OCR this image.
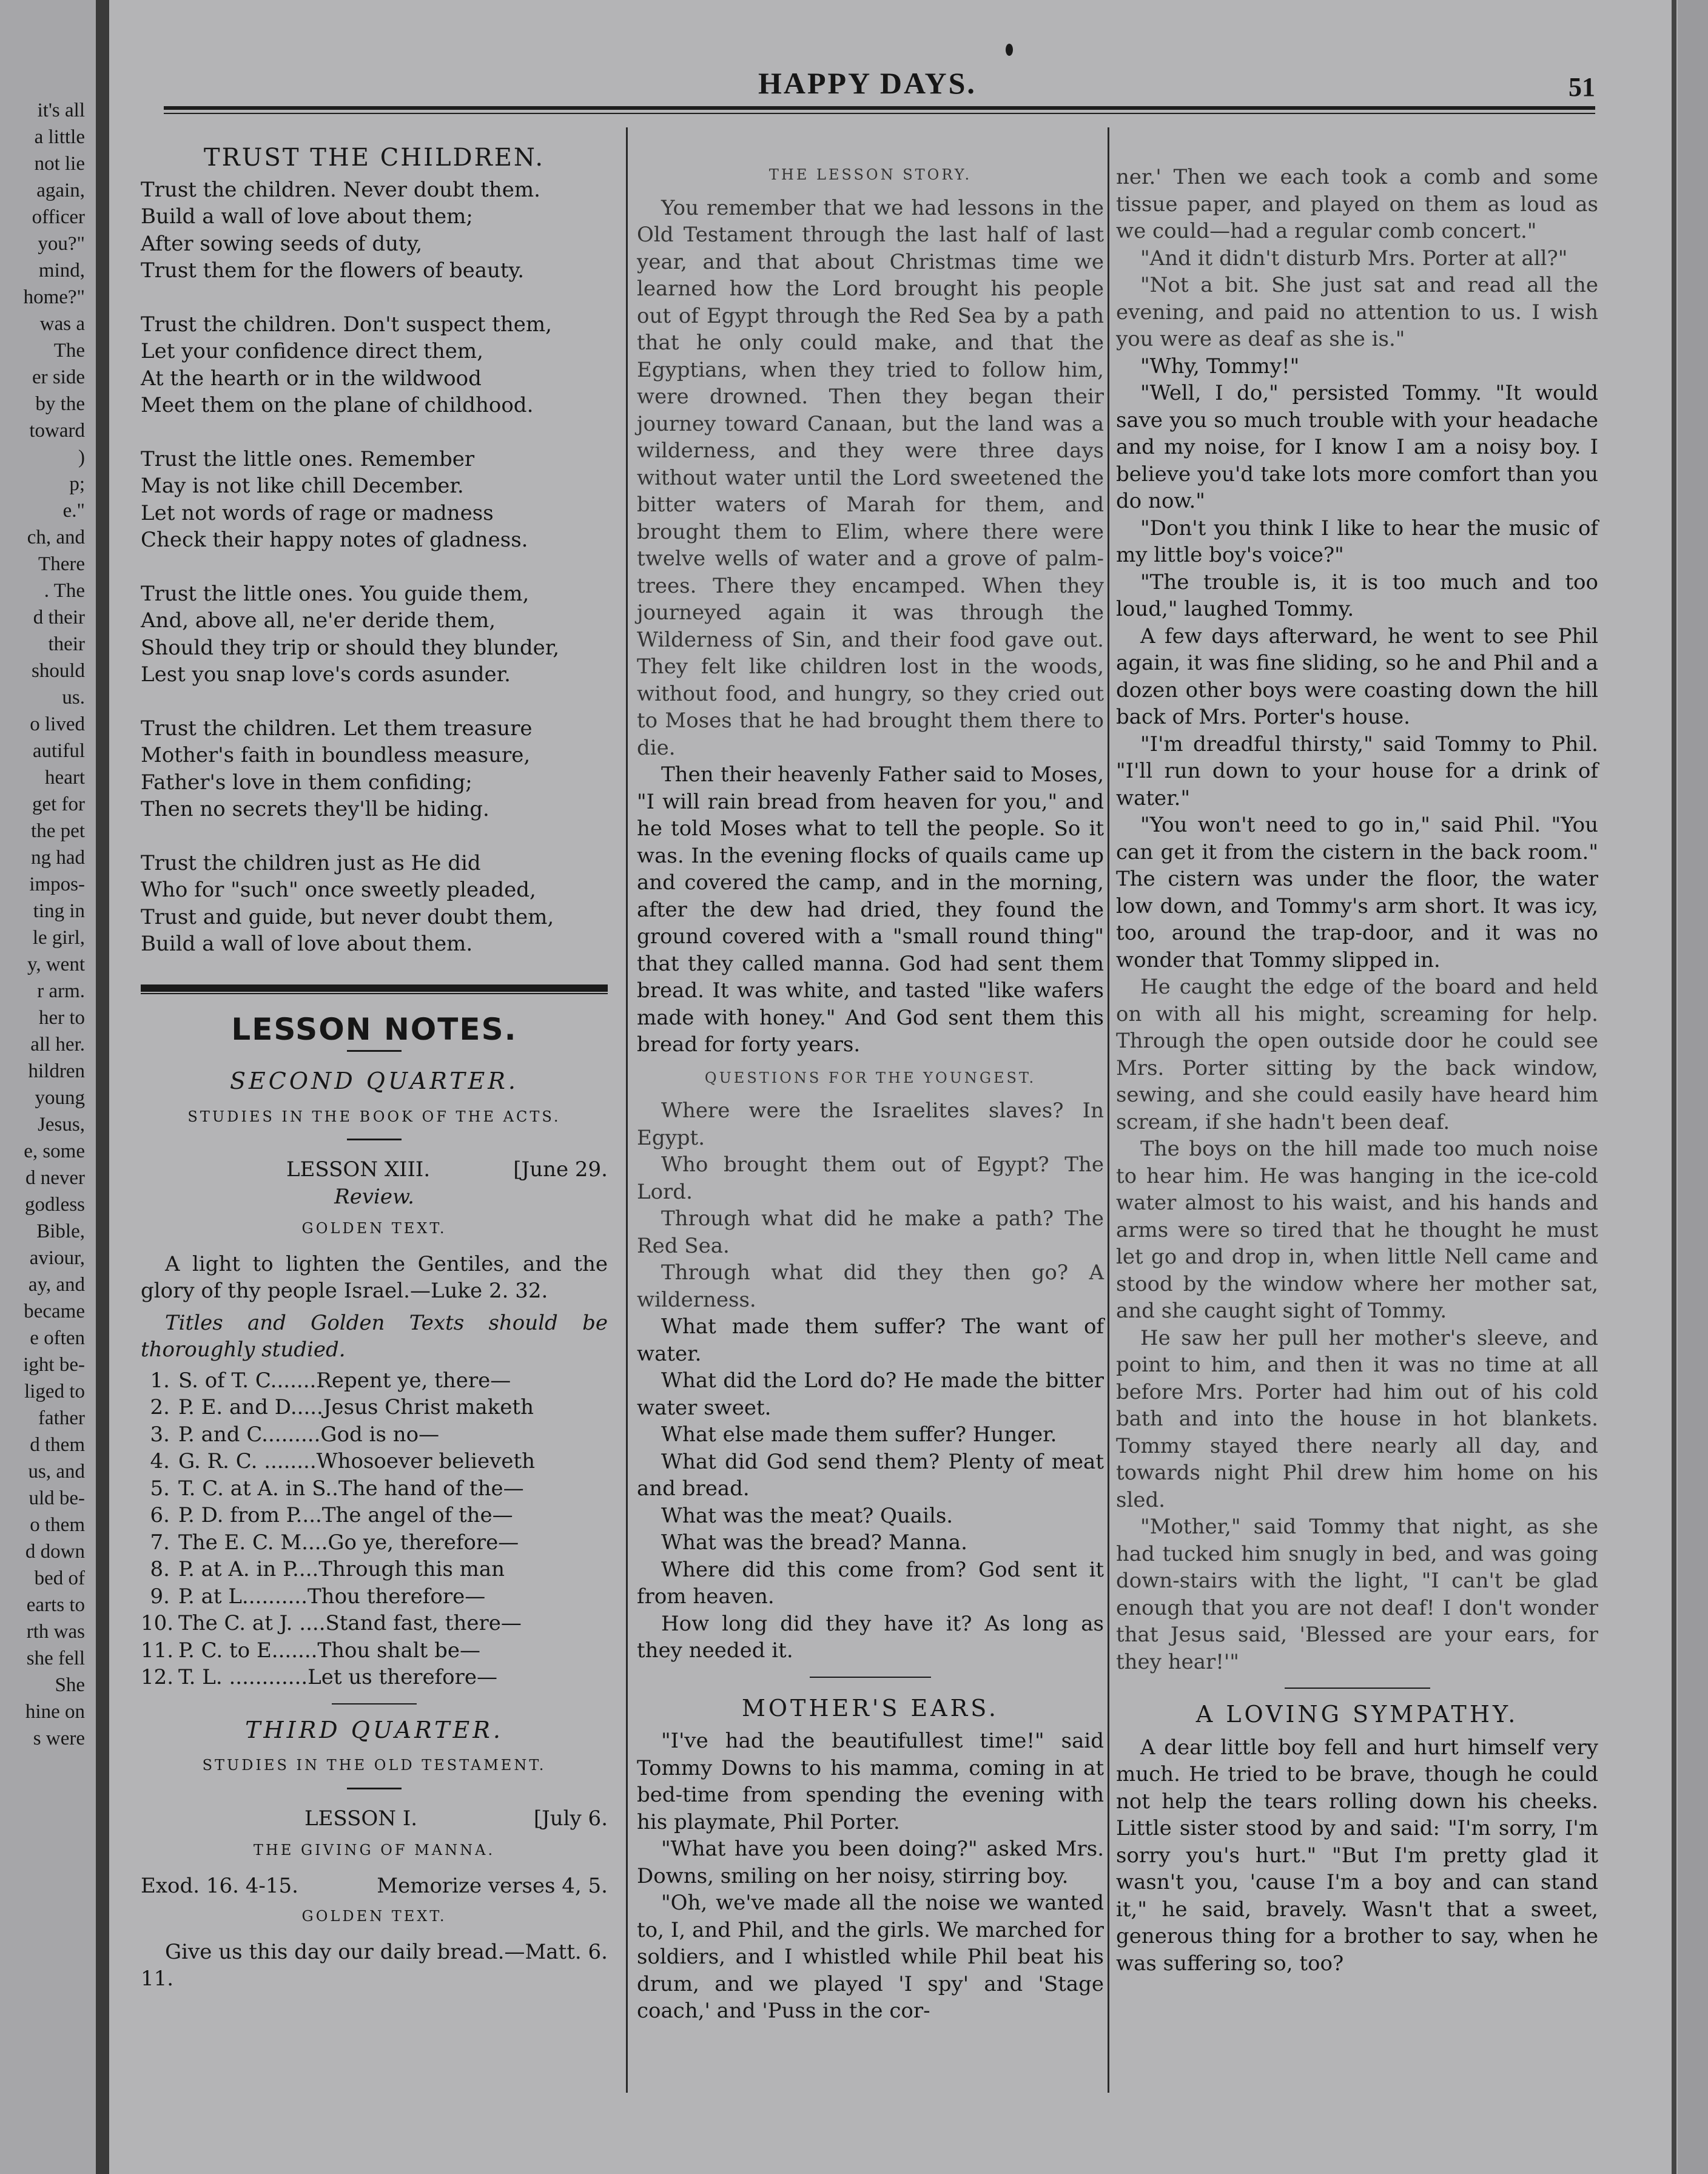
it's all
a little
not lie
again,
officer
you?"
mind,
home?"
was a
The
er side
by the
toward
)
p;
e."
ch, and
There
. The
d their
their
should
us.
o lived
autiful
heart
get for
the pet
ng had
impos-
ting in
le girl,
y, went
r arm.
her to
all her.
hildren
young
Jesus,
e, some
d never
godless
Bible,
aviour,
ay, and
became
e often
ight be-
liged to
father
d them
us, and
uld be-
o them
d down
bed of
earts to
rth was
she fell
She
hine on
s were
HAPPY DAYS.	51
TRUST THE CHILDREN.
Trust the children. Never doubt them.
Build a wall of love about them;
After sowing seeds of duty,
Trust them for the flowers of beauty.
Trust the children. Don't suspect them,
Let your confidence direct them,
At the hearth or in the wildwood
Meet them on the plane of childhood.
Trust the little ones. Remember
May is not like chill December.
Let not words of rage or madness
Check their happy notes of gladness.
Trust the little ones. You guide them,
And, above all, ne'er deride them,
Should they trip or should they blunder,
Lest you snap love's cords asunder.
Trust the children. Let them treasure
Mother's faith in boundless measure,
Father's love in them confiding;
Then no secrets they'll be hiding.
Trust the children just as He did
Who for "such" once sweetly pleaded,
Trust and guide, but never doubt them,
Build a wall of love about them.
LESSON NOTES.
SECOND QUARTER.
STUDIES IN THE BOOK OF THE ACTS.
LESSON XIII.	[June 29.
Review.
GOLDEN TEXT.

A light to lighten the Gentiles, and the glory of thy people Israel.—Luke 2. 32.

Titles and Golden Texts should be thoroughly studied.

1. S. of T. C.......Repent ye, there—
2. P. E. and D.....Jesus Christ maketh
3. P. and C.........God is no—
4. G. R. C. ........Whosoever believeth
5. T. C. at A. in S..The hand of the—
6. P. D. from P....The angel of the—
7. The E. C. M....Go ye, therefore—
8. P. at A. in P....Through this man
9. P. at L..........Thou therefore—
10. The C. at J. ....Stand fast, there—
11. P. C. to E.......Thou shalt be—
12. T. L. ............Let us therefore—
THIRD QUARTER.
STUDIES IN THE OLD TESTAMENT.
LESSON I.	[July 6.
THE GIVING OF MANNA.
Exod. 16. 4-15.	Memorize verses 4, 5.
GOLDEN TEXT.

Give us this day our daily bread.—Matt. 6. 11.

THE LESSON STORY.

You remember that we had lessons in the Old Testament through the last half of last year, and that about Christmas time we learned how the Lord brought his people out of Egypt through the Red Sea by a path that he only could make, and that the Egyptians, when they tried to follow him, were drowned. Then they began their journey toward Canaan, but the land was a wilderness, and they were three days without water until the Lord sweetened the bitter waters of Marah for them, and brought them to Elim, where there were twelve wells of water and a grove of palm-trees. There they encamped. When they journeyed again it was through the Wilderness of Sin, and their food gave out. They felt like children lost in the woods, without food, and hungry, so they cried out to Moses that he had brought them there to die.

Then their heavenly Father said to Moses, "I will rain bread from heaven for you," and he told Moses what to tell the people. So it was. In the evening flocks of quails came up and covered the camp, and in the morning, after the dew had dried, they found the ground covered with a "small round thing" that they called manna. God had sent them bread. It was white, and tasted "like wafers made with honey." And God sent them this bread for forty years.

QUESTIONS FOR THE YOUNGEST.

Where were the Israelites slaves? In Egypt.

Who brought them out of Egypt? The Lord.

Through what did he make a path? The Red Sea.

Through what did they then go? A wilderness.

What made them suffer? The want of water.

What did the Lord do? He made the bitter water sweet.

What else made them suffer? Hunger.

What did God send them? Plenty of meat and bread.

What was the meat? Quails.

What was the bread? Manna.

Where did this come from? God sent it from heaven.

How long did they have it? As long as they needed it.

MOTHER'S EARS.

"I've had the beautifullest time!" said Tommy Downs to his mamma, coming in at bed-time from spending the evening with his playmate, Phil Porter.

"What have you been doing?" asked Mrs. Downs, smiling on her noisy, stirring boy.

"Oh, we've made all the noise we wanted to, I, and Phil, and the girls. We marched for soldiers, and I whistled while Phil beat his drum, and we played 'I spy' and 'Stage coach,' and 'Puss in the cor-

ner.' Then we each took a comb and some tissue paper, and played on them as loud as we could—had a regular comb concert."

"And it didn't disturb Mrs. Porter at all?"

"Not a bit. She just sat and read all the evening, and paid no attention to us. I wish you were as deaf as she is."

"Why, Tommy!"

"Well, I do," persisted Tommy. "It would save you so much trouble with your headache and my noise, for I know I am a noisy boy. I believe you'd take lots more comfort than you do now."

"Don't you think I like to hear the music of my little boy's voice?"

"The trouble is, it is too much and too loud," laughed Tommy.

A few days afterward, he went to see Phil again, it was fine sliding, so he and Phil and a dozen other boys were coasting down the hill back of Mrs. Porter's house.

"I'm dreadful thirsty," said Tommy to Phil. "I'll run down to your house for a drink of water."

"You won't need to go in," said Phil. "You can get it from the cistern in the back room." The cistern was under the floor, the water low down, and Tommy's arm short. It was icy, too, around the trap-door, and it was no wonder that Tommy slipped in.

He caught the edge of the board and held on with all his might, screaming for help. Through the open outside door he could see Mrs. Porter sitting by the back window, sewing, and she could easily have heard him scream, if she hadn't been deaf.

The boys on the hill made too much noise to hear him. He was hanging in the ice-cold water almost to his waist, and his hands and arms were so tired that he thought he must let go and drop in, when little Nell came and stood by the window where her mother sat, and she caught sight of Tommy.

He saw her pull her mother's sleeve, and point to him, and then it was no time at all before Mrs. Porter had him out of his cold bath and into the house in hot blankets. Tommy stayed there nearly all day, and towards night Phil drew him home on his sled.

"Mother," said Tommy that night, as she had tucked him snugly in bed, and was going down-stairs with the light, "I can't be glad enough that you are not deaf! I don't wonder that Jesus said, 'Blessed are your ears, for they hear!'"

A LOVING SYMPATHY.

A dear little boy fell and hurt himself very much. He tried to be brave, though he could not help the tears rolling down his cheeks. Little sister stood by and said: "I'm sorry, I'm sorry you's hurt." "But I'm pretty glad it wasn't you, 'cause I'm a boy and can stand it," he said, bravely. Wasn't that a sweet, generous thing for a brother to say, when he was suffering so, too?
